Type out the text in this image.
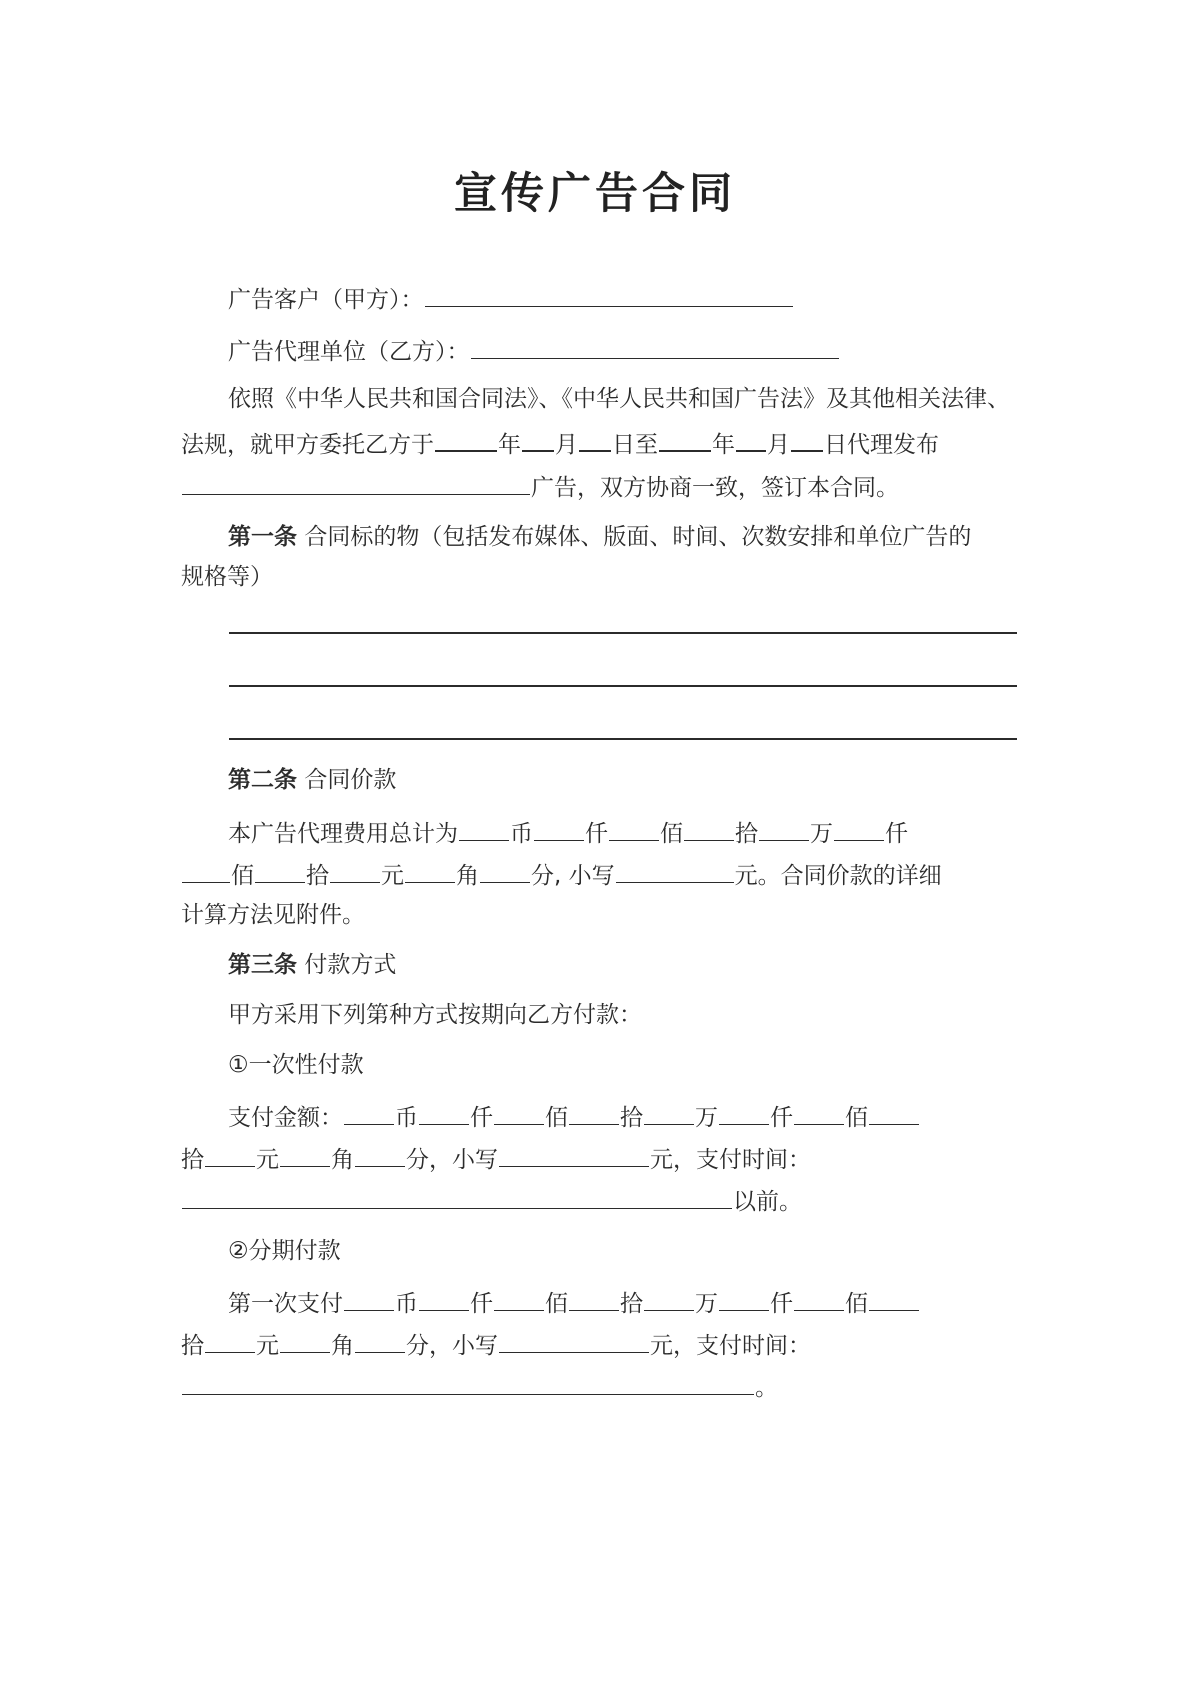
宣传广告合同
广告客户（甲方）：
广告代理单位（乙方）：
依照《中华人民共和国合同法》、《中华人民共和国广告法》及其他相关法律、
法规，就甲方委托乙方于	年 月 日至 年 月 日代理发布
广告，双方协商一致，签订本合同。
第一条 合同标的物（包括发布媒体、版面、时间、次数安排和单位广告的
规格等）
第二条 合同价款
本广告代理费用总计为 币 仟 佰 拾 万 仟
佰 拾 元 角 分, 小写	元。合同价款的详细
计算方法见附件。
第三条 付款方式
甲方采用下列第种方式按期向乙方付款：
①一次性付款
支付金额： 币 仟 佰 拾 万 仟 佰
拾 元 角 分，小写	元，支付时间：
以前。
②分期付款
第一次支付 币 仟 佰 拾 万 仟 佰
拾 元 角 分，小写	元，支付时间：
。
